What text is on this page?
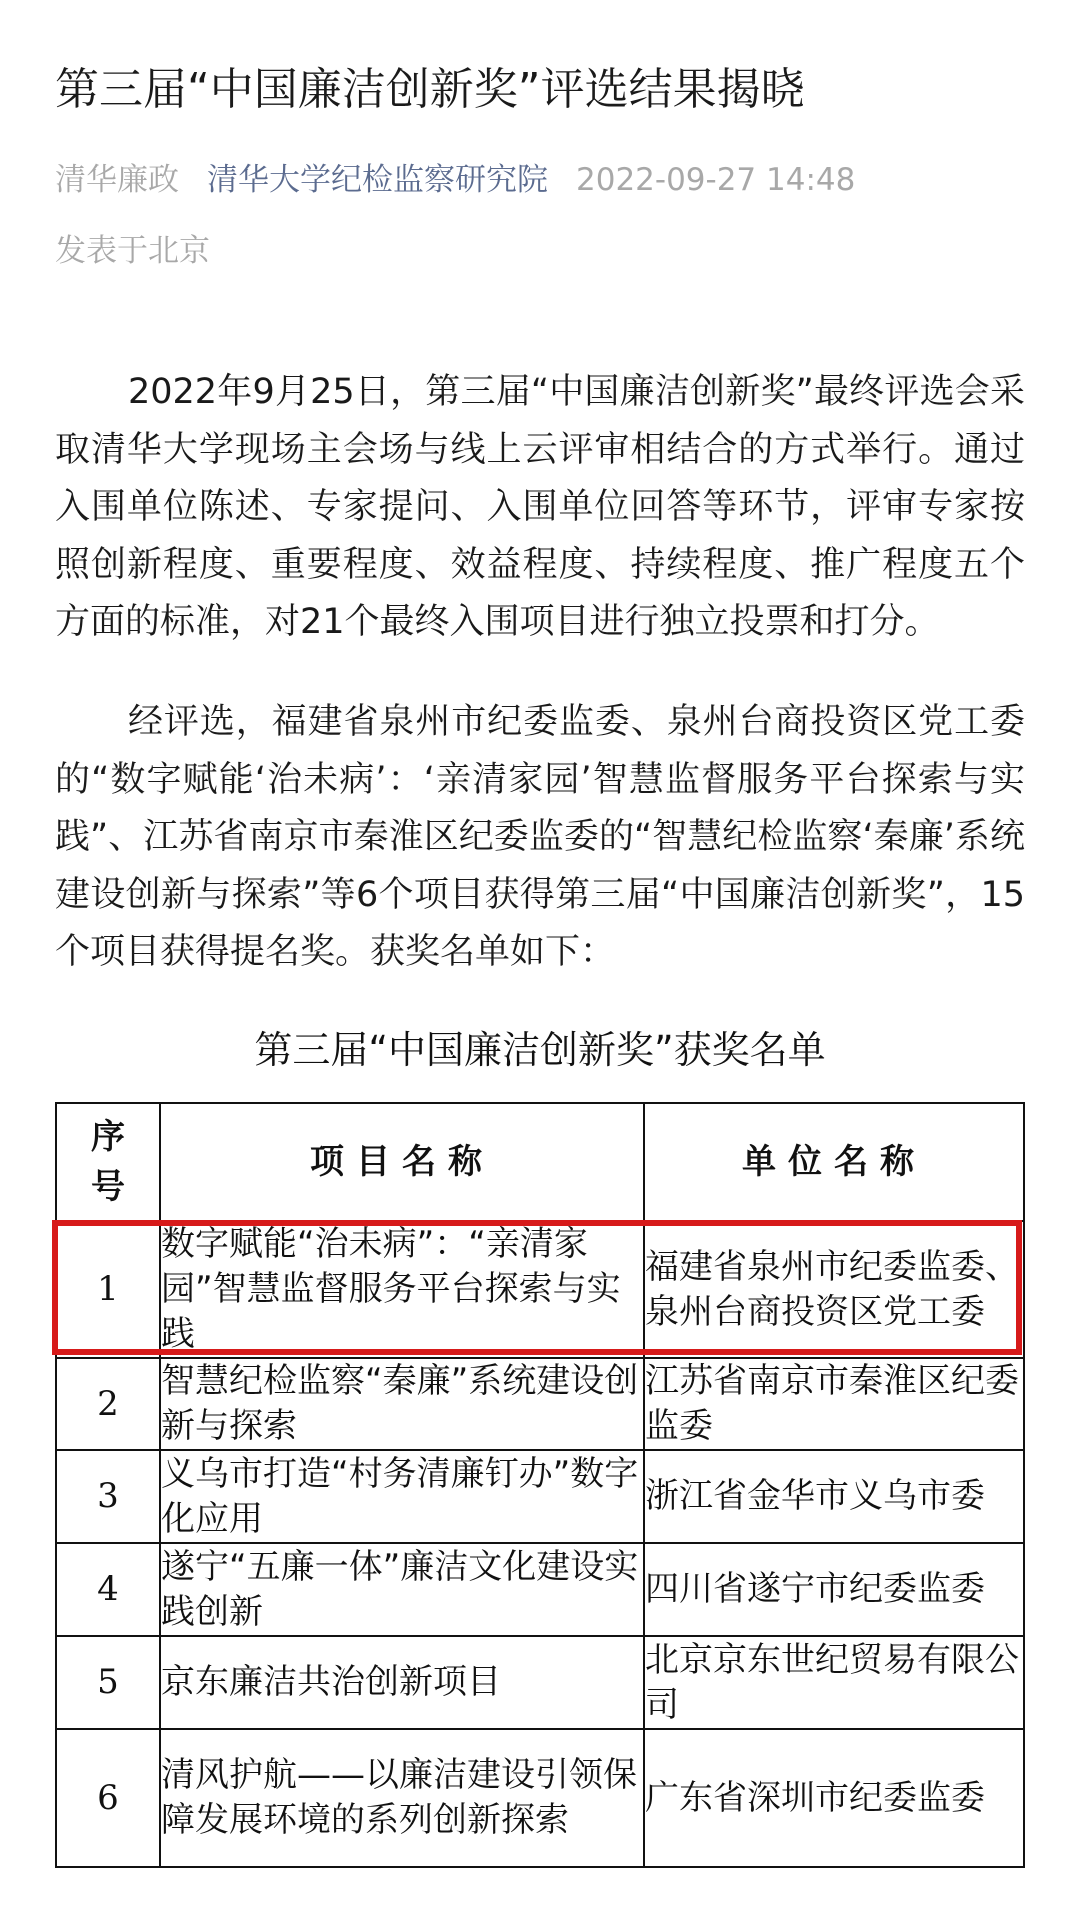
第三届“中国廉洁创新奖”评选结果揭晓
清华廉政 清华大学纪检监察研究院 2022-09-27 14:48
发表于北京

2022年9月25日，第三届“中国廉洁创新奖”最终评选会采取清华大学现场主会场与线上云评审相结合的方式举行。通过入围单位陈述、专家提问、入围单位回答等环节，评审专家按照创新程度、重要程度、效益程度、持续程度、推广程度五个方面的标准，对21个最终入围项目进行独立投票和打分。

经评选，福建省泉州市纪委监委、泉州台商投资区党工委的“数字赋能‘治未病’：‘亲清家园’智慧监督服务平台探索与实践”、江苏省南京市秦淮区纪委监委的“智慧纪检监察‘秦廉’系统建设创新与探索”等6个项目获得第三届“中国廉洁创新奖”，15个项目获得提名奖。获奖名单如下：

第三届“中国廉洁创新奖”获奖名单
序号	项目名称	单位名称
1	数字赋能“治未病”：“亲清家园”智慧监督服务平台探索与实践	福建省泉州市纪委监委、泉州台商投资区党工委
2	智慧纪检监察“秦廉”系统建设创新与探索	江苏省南京市秦淮区纪委监委
3	义乌市打造“村务清廉钉办”数字化应用	浙江省金华市义乌市委
4	遂宁“五廉一体”廉洁文化建设实践创新	四川省遂宁市纪委监委
5	京东廉洁共治创新项目	北京京东世纪贸易有限公司
6	清风护航——以廉洁建设引领保障发展环境的系列创新探索	广东省深圳市纪委监委
